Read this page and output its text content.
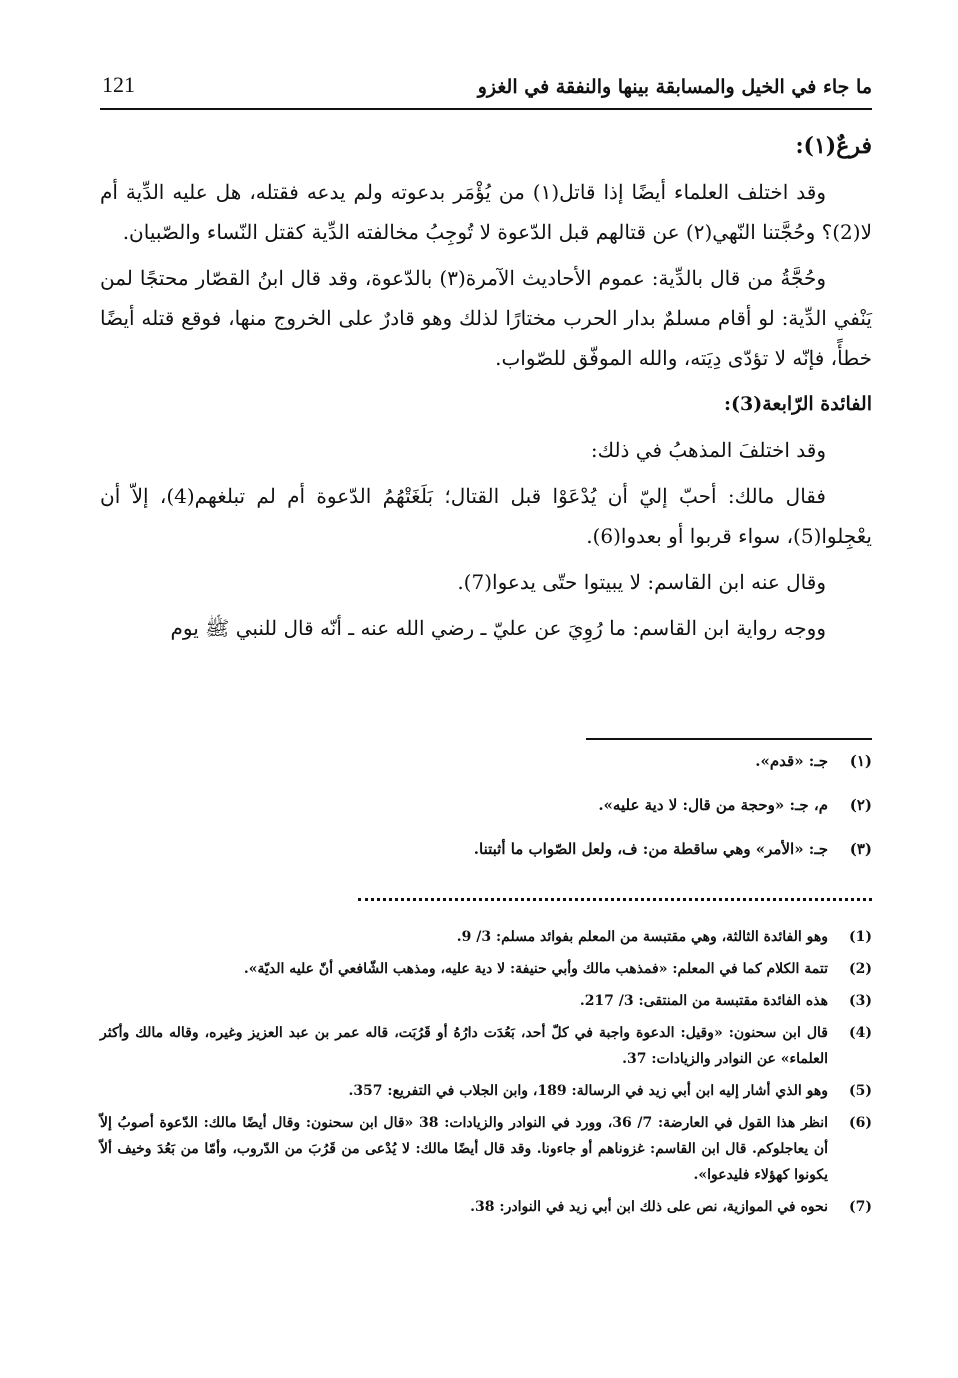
ما جاء في الخيل والمسابقة بينها والنفقة في الغزو
121

فرعٌ(١):

وقد اختلف العلماء أيضًا إذا قاتل(١) من يُؤْمَر بدعوته ولم يدعه فقتله، هل عليه الدِّية أم لا(2)؟ وحُجَّتنا النّهي(٢) عن قتالهم قبل الدّعوة لا تُوجِبُ مخالفته الدِّية كقتل النّساء والصّبيان.

وحُجَّةُ من قال بالدِّية: عموم الأحاديث الآمرة(٣) بالدّعوة، وقد قال ابنُ القصّار محتجًا لمن يَنْفي الدِّية: لو أقام مسلمٌ بدار الحرب مختارًا لذلك وهو قادرٌ على الخروج منها، فوقع قتله أيضًا خطأً، فإنّه لا تؤدّى دِيَته، والله الموفّق للصّواب.

الفائدة الرّابعة(3):

وقد اختلفَ المذهبُ في ذلك:

فقال مالك: أحبّ إليّ أن يُدْعَوْا قبل القتال؛ بَلَغَتْهُمُ الدّعوة أم لم تبلغهم(4)، إلاّ أن يعْجِلوا(5)، سواء قربوا أو بعدوا(6).

وقال عنه ابن القاسم: لا يبيتوا حتّى يدعوا(7).

ووجه رواية ابن القاسم: ما رُوِيَ عن عليّ ـ رضي الله عنه ـ أنّه قال للنبي ﷺ يوم

(١)
جـ: «قدم».
(٢)
م، جـ: «وحجة من قال: لا دية عليه».
(٣)
جـ: «الأمر» وهي ساقطة من: ف، ولعل الصّواب ما أثبتنا.
(1)
وهو الفائدة الثالثة، وهي مقتبسة من المعلم بفوائد مسلم: 3/ 9.
(2)
تتمة الكلام كما في المعلم: «فمذهب مالك وأبي حنيفة: لا دية عليه، ومذهب الشّافعي أنّ عليه الديّة».
(3)
هذه الفائدة مقتبسة من المنتقى: 3/ 217.
(4)
قال ابن سحنون: «وقيل: الدعوة واجبة في كلّ أحد، بَعُدَت دارُهُ أو قَرُبَت، قاله عمر بن عبد العزيز وغيره، وقاله مالك وأكثر العلماء» عن النوادر والزيادات: 37.
(5)
وهو الذي أشار إليه ابن أبي زيد في الرسالة: 189، وابن الجلاب في التفريع: 357.
(6)
انظر هذا القول في العارضة: 7/ 36، وورد في النوادر والزيادات: 38 «قال ابن سحنون: وقال أيضًا مالك: الدّعوة أصوبُ إلاّ أن يعاجلوكم. قال ابن القاسم: غزوناهم أو جاءونا. وقد قال أيضًا مالك: لا يُدْعى من قَرُبَ من الدّروب، وأمّا من بَعُدَ وخيف ألاّ يكونوا كهؤلاء فليدعوا».
(7)
نحوه في الموازية، نص على ذلك ابن أبي زيد في النوادر: 38.
